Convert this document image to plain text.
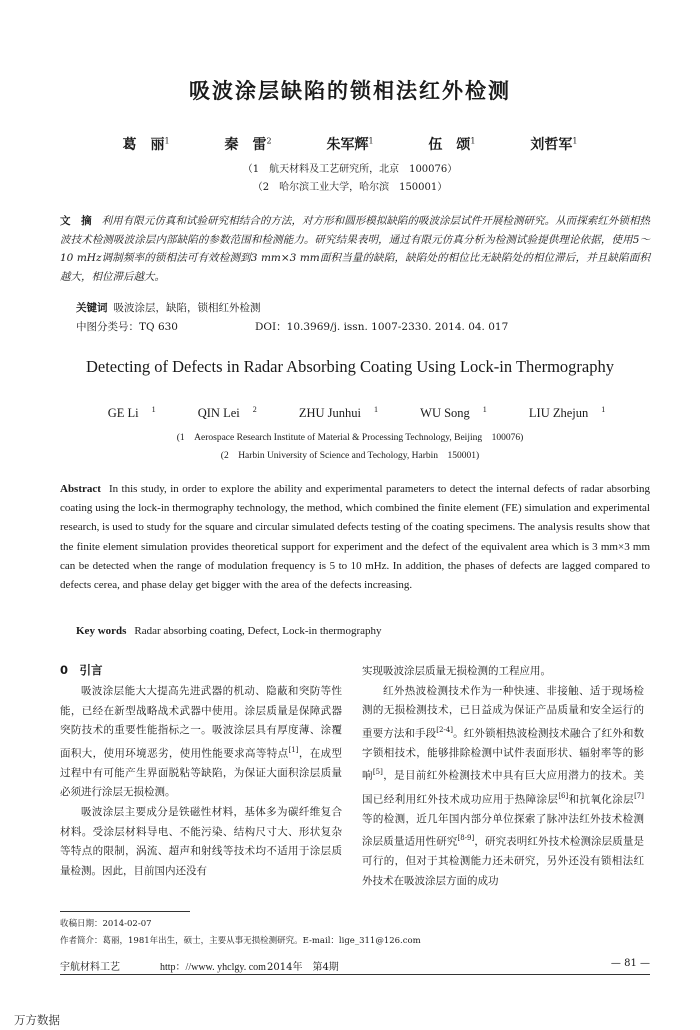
吸波涂层缺陷的锁相法红外检测
葛　丽$^1$	秦　雷$^2$	朱军辉$^1$	伍　颂$^1$	刘哲军$^1$
（1　航天材料及工艺研究所，北京　100076）
（2　哈尔滨工业大学，哈尔滨　150001）
文　摘 利用有限元仿真和试验研究相结合的方法，对方形和圆形模拟缺陷的吸波涂层试件开展检测研究。从而探索红外锁相热波技术检测吸波涂层内部缺陷的参数范围和检测能力。研究结果表明，通过有限元仿真分析为检测试验提供理论依据，使用5～10 mHz调制频率的锁相法可有效检测到3 mm×3 mm面积当量的缺陷，缺陷处的相位比无缺陷处的相位滞后，并且缺陷面积越大，相位滞后越大。
关键词 吸波涂层，缺陷，锁相红外检测
中图分类号：TQ 630	DOI：10.3969/j. issn. 1007-2330. 2014. 04. 017
Detecting of Defects in Radar Absorbing Coating Using Lock-in Thermography
GE Li $^1$	QIN Lei $^2$	ZHU Junhui $^1$	WU Song $^1$	LIU Zhejun $^1$
(1　Aerospace Research Institute of Material & Processing Technology, Beijing　100076)
(2　Harbin University of Science and Techology, Harbin　150001)
Abstract In this study, in order to explore the ability and experimental parameters to detect the internal defects of radar absorbing coating using the lock-in thermography technology, the method, which combined the finite element (FE) simulation and experimental research, is used to study for the square and circular simulated defects testing of the coating specimens. The analysis results show that the finite element simulation provides theoretical support for experiment and the defect of the equivalent area which is 3 mm×3 mm can be detected when the range of modulation frequency is 5 to 10 mHz. In addition, the phases of defects are lagged compared to defects cerea, and phase delay get bigger with the area of the defects increasing.
Key words Radar absorbing coating, Defect, Lock-in thermography
0　引言

吸波涂层能大大提高先进武器的机动、隐蔽和突防等性能，已经在新型战略战术武器中使用。涂层质量是保障武器突防技术的重要性能指标之一。吸波涂层具有厚度薄、涂覆面积大，使用环境恶劣，使用性能要求高等特点[1]，在成型过程中有可能产生界面脱粘等缺陷，为保证大面积涂层质量必须进行涂层无损检测。

吸波涂层主要成分是铁磁性材料，基体多为碳纤维复合材料。受涂层材料导电、不能污染、结构尺寸大、形状复杂等特点的限制，涡流、超声和射线等技术均不适用于涂层质量检测。因此，目前国内还没有

实现吸波涂层质量无损检测的工程应用。

红外热波检测技术作为一种快速、非接触、适于现场检测的无损检测技术，已日益成为保证产品质量和安全运行的重要方法和手段[2-4]。红外锁相热波检测技术融合了红外和数字锁相技术，能够排除检测中试件表面形状、辐射率等的影响[5]，是目前红外检测技术中具有巨大应用潜力的技术。美国已经利用红外技术成功应用于热障涂层[6]和抗氧化涂层[7]等的检测，近几年国内部分单位探索了脉冲法红外技术检测涂层质量适用性研究[8-9]，研究表明红外技术检测涂层质量是可行的，但对于其检测能力还未研究，另外还没有锁相法红外技术在吸波涂层方面的成功

收稿日期：2014-02-07
作者简介：葛丽，1981年出生，硕士，主要从事无损检测研究。E-mail：lige_311@126.com
宇航材料工艺	http：//www. yhclgy. com 2014年　第4期	— 81 —
万方数据
